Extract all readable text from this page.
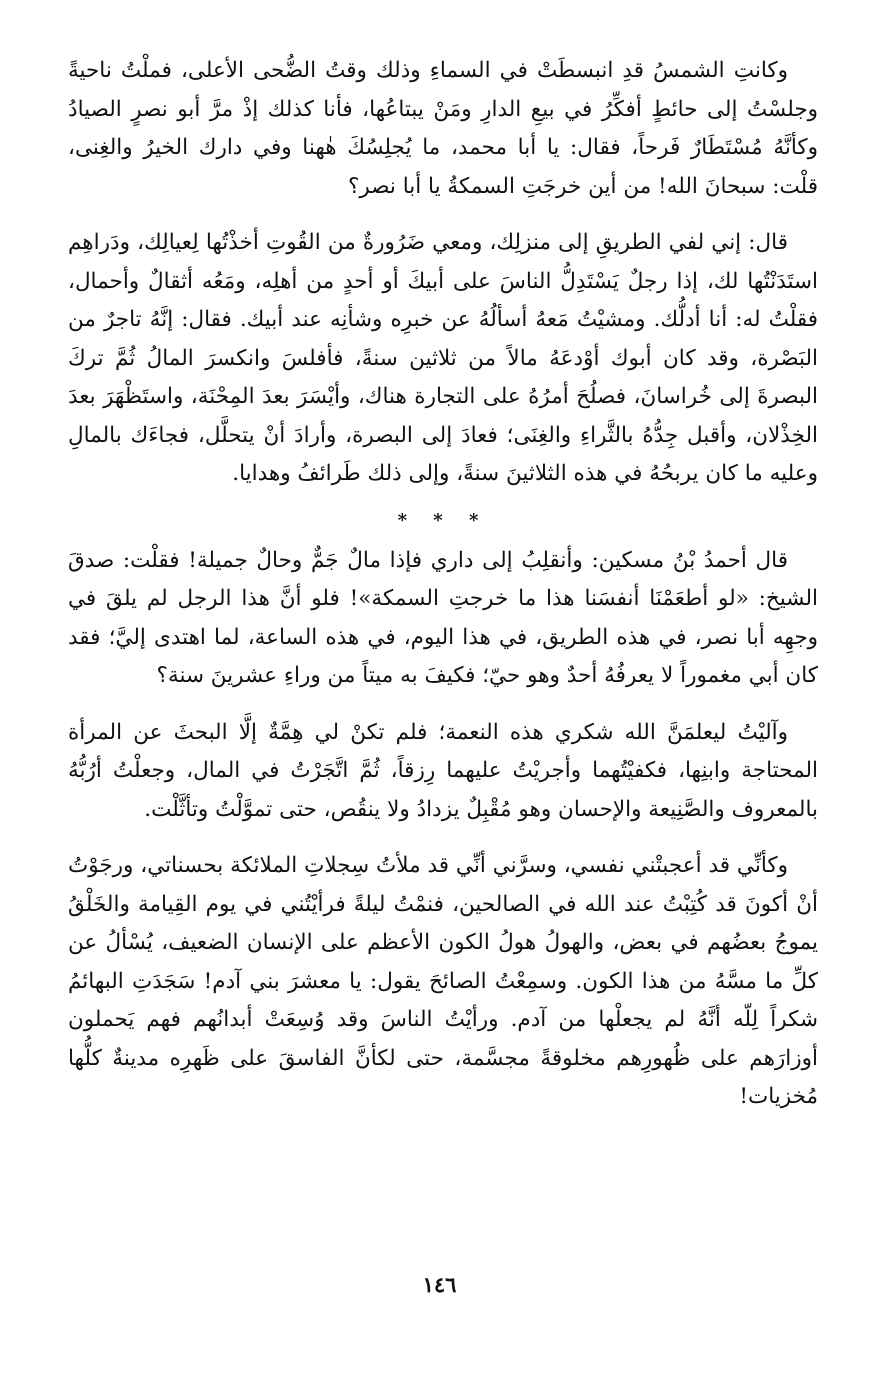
وكانتِ الشمسُ قدِ انبسطَتْ في السماءِ وذلك وقتُ الضُّحى الأعلى، فملْتُ ناحيةً وجلسْتُ إلى حائطٍ أفكِّرُ في بيعِ الدارِ ومَنْ يبتاعُها، فأنا كذلك إذْ مرَّ أبو نصرٍ الصيادُ وكأنَّهُ مُسْتَطَارٌ فَرحاً، فقال: يا أبا محمد، ما يُجلِسُكَ هٰهنا وفي دارك الخيرُ والغِنى، قلْت: سبحانَ الله! من أين خرجَتِ السمكةُ يا أبا نصر؟

قال: إني لفي الطريقِ إلى منزلِك، ومعي ضَرُورةٌ من القُوتِ أخذْتُها لِعيالِك، ودَراهِم استَدَنْتُها لك، إذا رجلٌ يَسْتَدِلُّ الناسَ على أبيكَ أو أحدٍ من أهلِه، ومَعُه أثقالٌ وأحمال، فقلْتُ له: أنا أدلُّك. ومشيْتُ مَعهُ أسألُهُ عن خبرِه وشأنِه عند أبيك. فقال: إنَّهُ تاجرٌ من البَصْرة، وقد كان أبوك أوْدعَهُ مالاً من ثلاثين سنةً، فأفلسَ وانكسرَ المالُ ثُمَّ تركَ البصرةَ إلى خُراسانَ، فصلُحَ أمرُهُ على التجارة هناك، وأيْسَرَ بعدَ المِحْنَة، واستَظْهَرَ بعدَ الخِذْلان، وأقبل جِدُّهُ بالثَّراءِ والغِنَى؛ فعادَ إلى البصرة، وأرادَ أنْ يتحلَّل، فجاءَك بالمالِ وعليه ما كان يربحُهُ في هذه الثلاثينَ سنةً، وإلى ذلك طَرائفُ وهدايا.

* * *

قال أحمدُ بْنُ مسكين: وأنقلِبُ إلى داري فإذا مالٌ جَمٌّ وحالٌ جميلة! فقلْت: صدقَ الشيخ: «لو أطعَمْنَا أنفسَنا هذا ما خرجتِ السمكة»! فلو أنَّ هذا الرجل لم يلقَ في وجهِه أبا نصر، في هذه الطريق، في هذا اليوم، في هذه الساعة، لما اهتدى إليَّ؛ فقد كان أبي مغموراً لا يعرفُهُ أحدٌ وهو حيّ؛ فكيفَ به ميتاً من وراءِ عشرينَ سنة؟

وآليْتُ ليعلمَنَّ الله شكري هذه النعمة؛ فلم تكنْ لي هِمَّةٌ إلَّا البحثَ عن المرأة المحتاجة وابنِها، فكفيْتُهما وأجريْتُ عليهما رِزقاً، ثُمَّ اتَّجَرْتُ في المال، وجعلْتُ أرُبُّهُ بالمعروف والصَّنِيعة والإحسان وهو مُقْبِلٌ يزدادُ ولا ينقُص، حتى تموَّلْتُ وتأثَّلْت.

وكأنِّي قد أعجبتْني نفسي، وسرَّني أنِّي قد ملأتُ سِجلاتِ الملائكة بحسناتي، ورجَوْتُ أنْ أكونَ قد كُتِبْتُ عند الله في الصالحين، فنمْتُ ليلةً فرأيْتُني في يوم القِيامة والخَلْقُ يموجُ بعضُهم في بعض، والهولُ هولُ الكون الأعظم على الإنسان الضعيف، يُسْألُ عن كلِّ ما مسَّهُ من هذا الكون. وسمِعْتُ الصائحَ يقول: يا معشرَ بني آدم! سَجَدَتِ البهائمُ شكراً لِلّه أنَّهُ لم يجعلْها من آدم. ورأيْتُ الناسَ وقد وُسِعَتْ أبدانُهم فهم يَحملون أوزارَهم على ظُهورِهم مخلوقةً مجسَّمة، حتى لكأنَّ الفاسقَ على ظَهرِه مدينةٌ كلُّها مُخزيات!

١٤٦
